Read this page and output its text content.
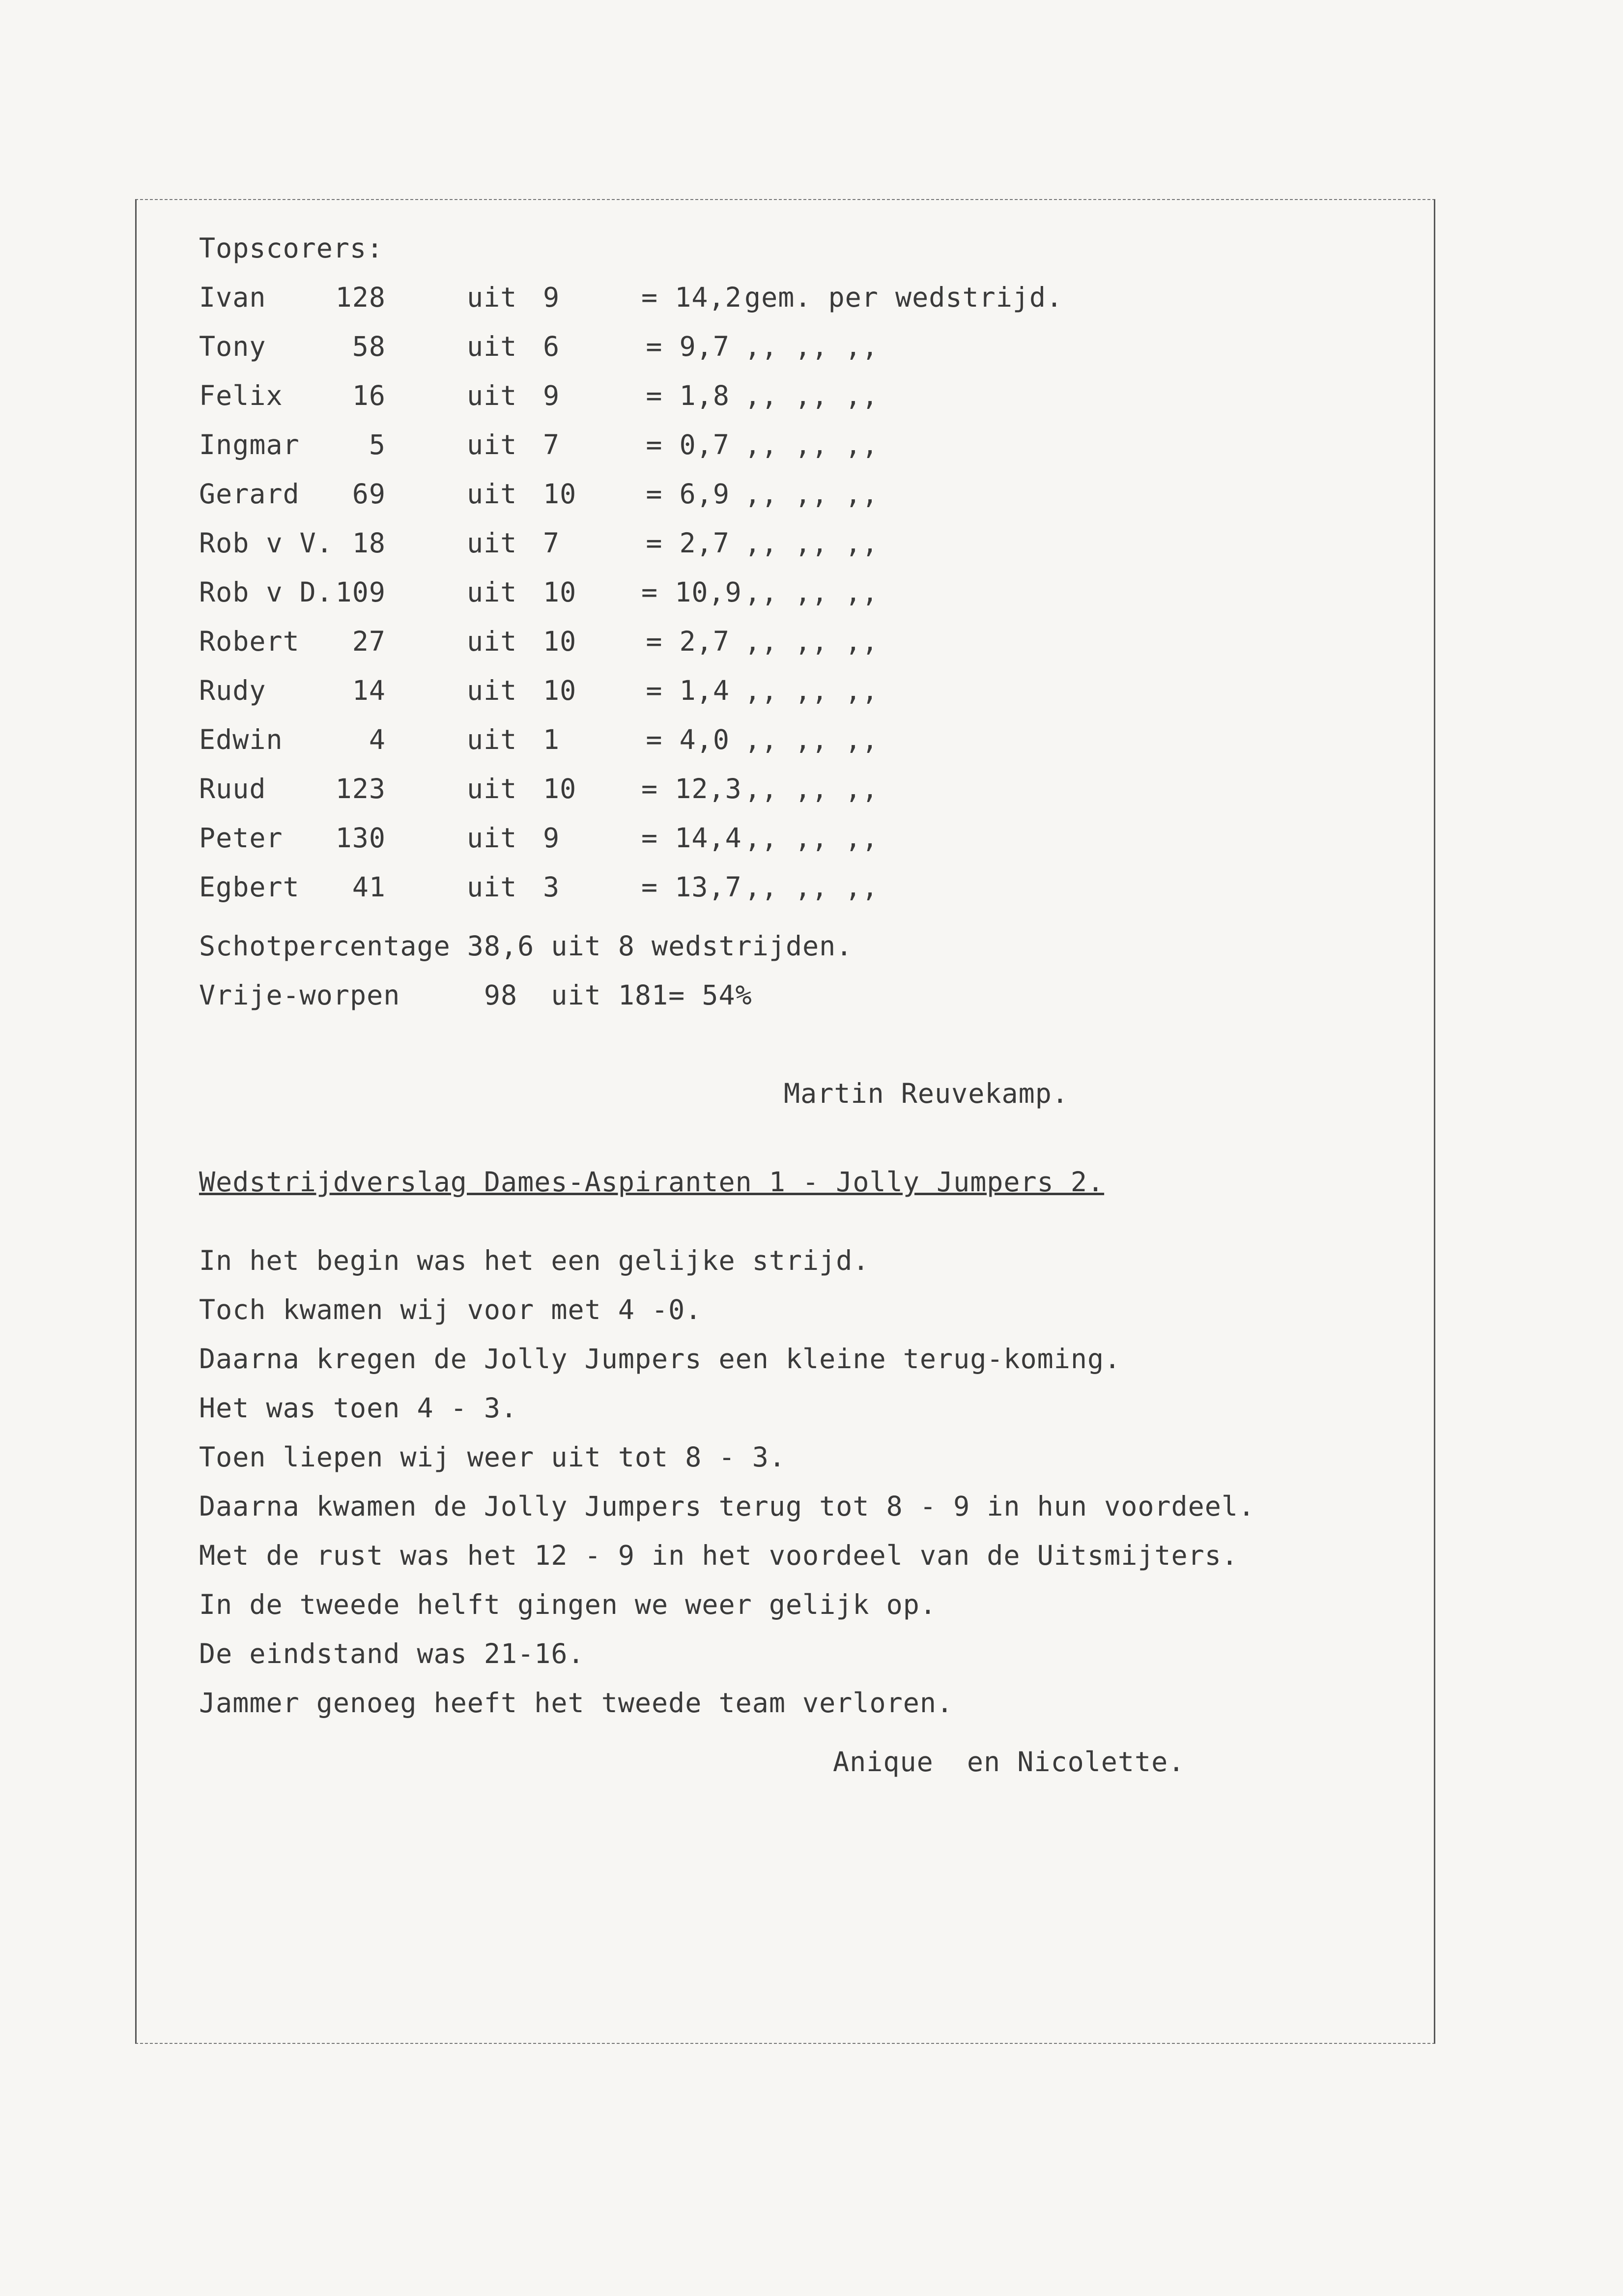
Topscorers:
Ivan	128	uit 9	= 14,2 gem. per wedstrijd.
Tony	58	uit 6	= 9,7 ,, ,, ,,
Felix	16	uit 9	= 1,8 ,, ,, ,,
Ingmar	5	uit 7	= 0,7 ,, ,, ,,
Gerard	69	uit 10	= 6,9 ,, ,, ,,
Rob v V. 18	uit 7	= 2,7 ,, ,, ,,
Rob v D. 109	uit 10	= 10,9 ,, ,, ,,
Robert	27	uit 10	= 2,7 ,, ,, ,,
Rudy	14	uit 10	= 1,4 ,, ,, ,,
Edwin	4	uit 1	= 4,0 ,, ,, ,,
Ruud	123	uit 10	= 12,3 ,, ,, ,,
Peter	130	uit 9	= 14,4 ,, ,, ,,
Egbert	41	uit 3	= 13,7 ,, ,, ,,
Schotpercentage 38,6 uit 8 wedstrijden.
Vrije-worpen     98  uit 181= 54%
Martin Reuvekamp.
Wedstrijdverslag Dames-Aspiranten 1 - Jolly Jumpers 2.
In het begin was het een gelijke strijd.
Toch kwamen wij voor met 4 -0.
Daarna kregen de Jolly Jumpers een kleine terug-koming.
Het was toen 4 - 3.
Toen liepen wij weer uit tot 8 - 3.
Daarna kwamen de Jolly Jumpers terug tot 8 - 9 in hun voordeel.
Met de rust was het 12 - 9 in het voordeel van de Uitsmijters.
In de tweede helft gingen we weer gelijk op.
De eindstand was 21-16.
Jammer genoeg heeft het tweede team verloren.
Anique  en Nicolette.
